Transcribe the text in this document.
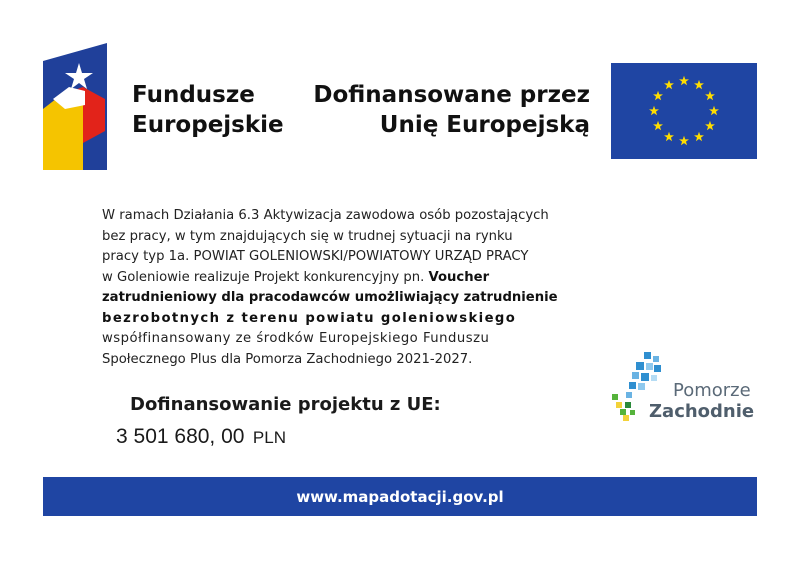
Fundusze
Europejskie
Dofinansowane przez
Unię Europejską
W ramach Działania 6.3 Aktywizacja zawodowa osób pozostających
bez pracy, w tym znajdujących się w trudnej sytuacji na rynku
pracy typ 1a. POWIAT GOLENIOWSKI/POWIATOWY URZĄD PRACY
w Goleniowie realizuje Projekt konkurencyjny pn. Voucher
zatrudnieniowy dla pracodawców umożliwiający zatrudnienie
bezrobotnych z terenu powiatu goleniowskiego
współfinansowany ze środków Europejskiego Funduszu
Społecznego Plus dla Pomorza Zachodniego 2021-2027.
Dofinansowanie projektu z UE:
3 501 680, 00 PLN
Pomorze
Zachodnie
www.mapadotacji.gov.pl
